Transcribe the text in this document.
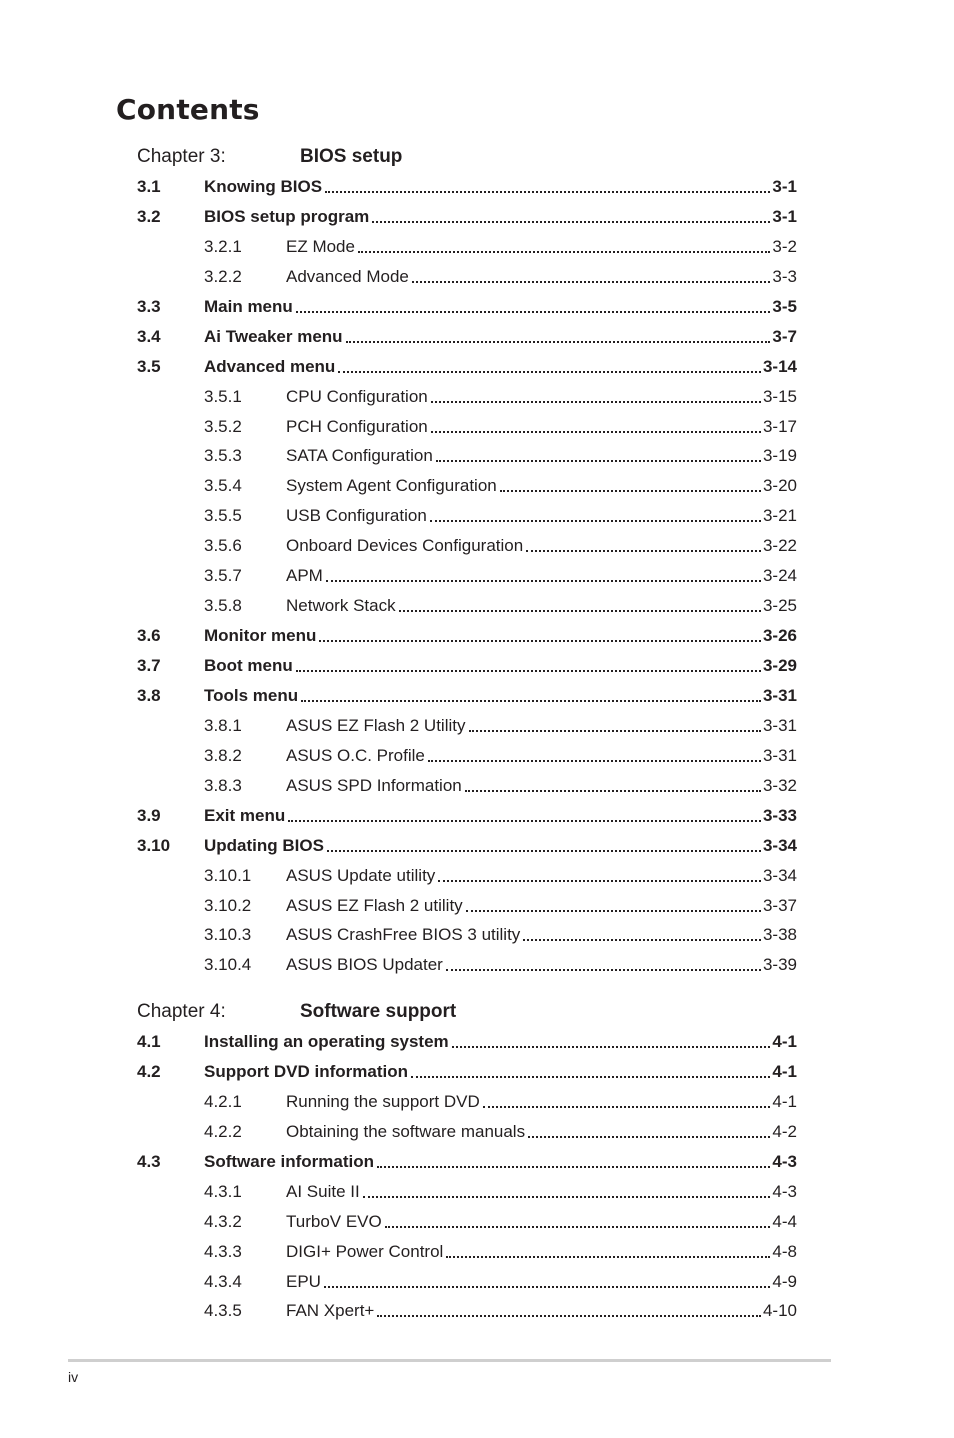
Contents
Chapter 3:	BIOS setup
3.1	Knowing BIOS	3-1
3.2	BIOS setup program	3-1
3.2.1	EZ Mode	3-2
3.2.2	Advanced Mode	3-3
3.3	Main menu	3-5
3.4	Ai Tweaker menu	3-7
3.5	Advanced menu	3-14
3.5.1	CPU Configuration	3-15
3.5.2	PCH Configuration	3-17
3.5.3	SATA Configuration	3-19
3.5.4	System Agent Configuration	3-20
3.5.5	USB Configuration	3-21
3.5.6	Onboard Devices Configuration	3-22
3.5.7	APM	3-24
3.5.8	Network Stack	3-25
3.6	Monitor menu	3-26
3.7	Boot menu	3-29
3.8	Tools menu	3-31
3.8.1	ASUS EZ Flash 2 Utility	3-31
3.8.2	ASUS O.C. Profile	3-31
3.8.3	ASUS SPD Information	3-32
3.9	Exit menu	3-33
3.10 Updating BIOS	3-34
3.10.1 ASUS Update utility	3-34
3.10.2 ASUS EZ Flash 2 utility	3-37
3.10.3 ASUS CrashFree BIOS 3 utility	3-38
3.10.4 ASUS BIOS Updater	3-39
Chapter 4:	Software support
4.1	Installing an operating system	4-1
4.2	Support DVD information	4-1
4.2.1	Running the support DVD	4-1
4.2.2	Obtaining the software manuals	4-2
4.3	Software information	4-3
4.3.1	AI Suite II	4-3
4.3.2	TurboV EVO	4-4
4.3.3	DIGI+ Power Control	4-8
4.3.4	EPU	4-9
4.3.5	FAN Xpert+	4-10
iv
